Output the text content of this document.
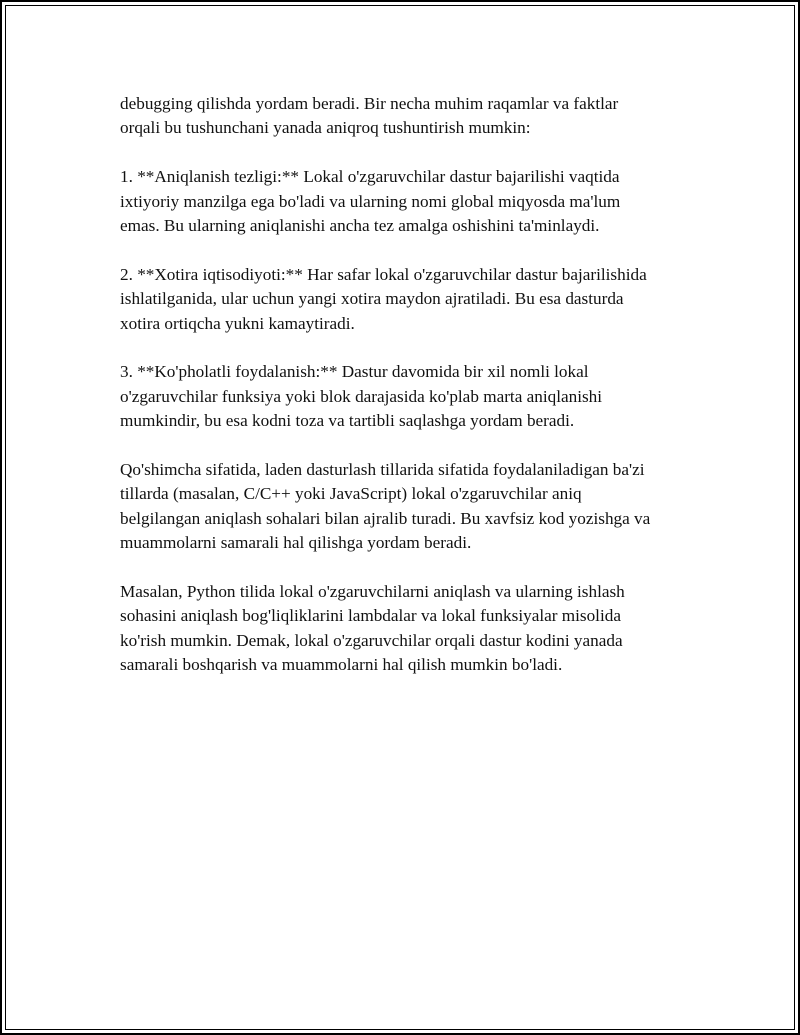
debugging qilishda yordam beradi. Bir necha muhim raqamlar va faktlar
orqali bu tushunchani yanada aniqroq tushuntirish mumkin:

1. **Aniqlanish tezligi:** Lokal o'zgaruvchilar dastur bajarilishi vaqtida
ixtiyoriy manzilga ega bo'ladi va ularning nomi global miqyosda ma'lum
emas. Bu ularning aniqlanishi ancha tez amalga oshishini ta'minlaydi.

2. **Xotira iqtisodiyoti:** Har safar lokal o'zgaruvchilar dastur bajarilishida
ishlatilganida, ular uchun yangi xotira maydon ajratiladi. Bu esa dasturda
xotira ortiqcha yukni kamaytiradi.

3. **Ko'pholatli foydalanish:** Dastur davomida bir xil nomli lokal
o'zgaruvchilar funksiya yoki blok darajasida ko'plab marta aniqlanishi
mumkindir, bu esa kodni toza va tartibli saqlashga yordam beradi.

Qo'shimcha sifatida, laden dasturlash tillarida sifatida foydalaniladigan ba'zi
tillarda (masalan, C/C++ yoki JavaScript) lokal o'zgaruvchilar aniq
belgilangan aniqlash sohalari bilan ajralib turadi. Bu xavfsiz kod yozishga va
muammolarni samarali hal qilishga yordam beradi.

Masalan, Python tilida lokal o'zgaruvchilarni aniqlash va ularning ishlash
sohasini aniqlash bog'liqliklarini lambdalar va lokal funksiyalar misolida
ko'rish mumkin. Demak, lokal o'zgaruvchilar orqali dastur kodini yanada
samarali boshqarish va muammolarni hal qilish mumkin bo'ladi.
